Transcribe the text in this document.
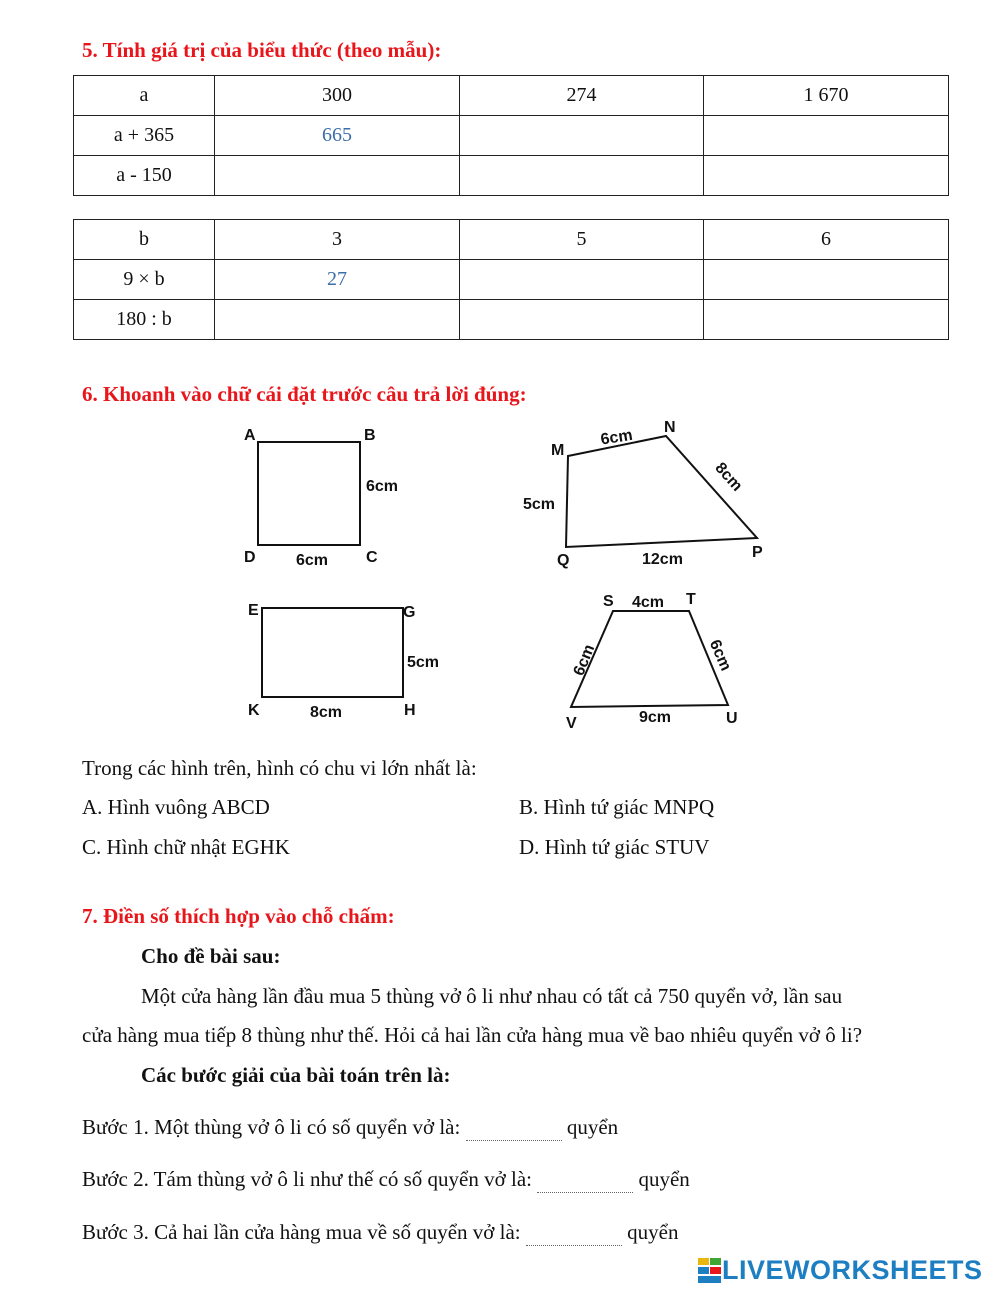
5. Tính giá trị của biểu thức (theo mẫu):
a	300	274	1 670
a + 365	665		
a - 150			
b	3	5	6
9 × b	27		
180 : b			
6. Khoanh vào chữ cái đặt trước câu trả lời đúng:
A	B
C
D
6cm
6cm
M
N
P
Q
6cm
8cm
5cm
12cm
E	G
H
K
5cm
8cm
S	T
U
V
4cm
6cm
6cm
9cm
Trong các hình trên, hình có chu vi lớn nhất là:
A. Hình vuông ABCD	B. Hình tứ giác MNPQ
C. Hình chữ nhật EGHK	D. Hình tứ giác STUV
7. Điền số thích hợp vào chỗ chấm:
Cho đề bài sau:
Một cửa hàng lần đầu mua 5 thùng vở ô li như nhau có tất cả 750 quyển vở, lần sau
cửa hàng mua tiếp 8 thùng như thế. Hỏi cả hai lần cửa hàng mua về bao nhiêu quyển vở ô li?
Các bước giải của bài toán trên là:
Bước 1. Một thùng vở ô li có số quyển vở là:	quyển
Bước 2. Tám thùng vở ô li như thế có số quyển vở là:	quyển
Bước 3. Cả hai lần cửa hàng mua về số quyển vở là:	quyển
LIVEWORKSHEETS
